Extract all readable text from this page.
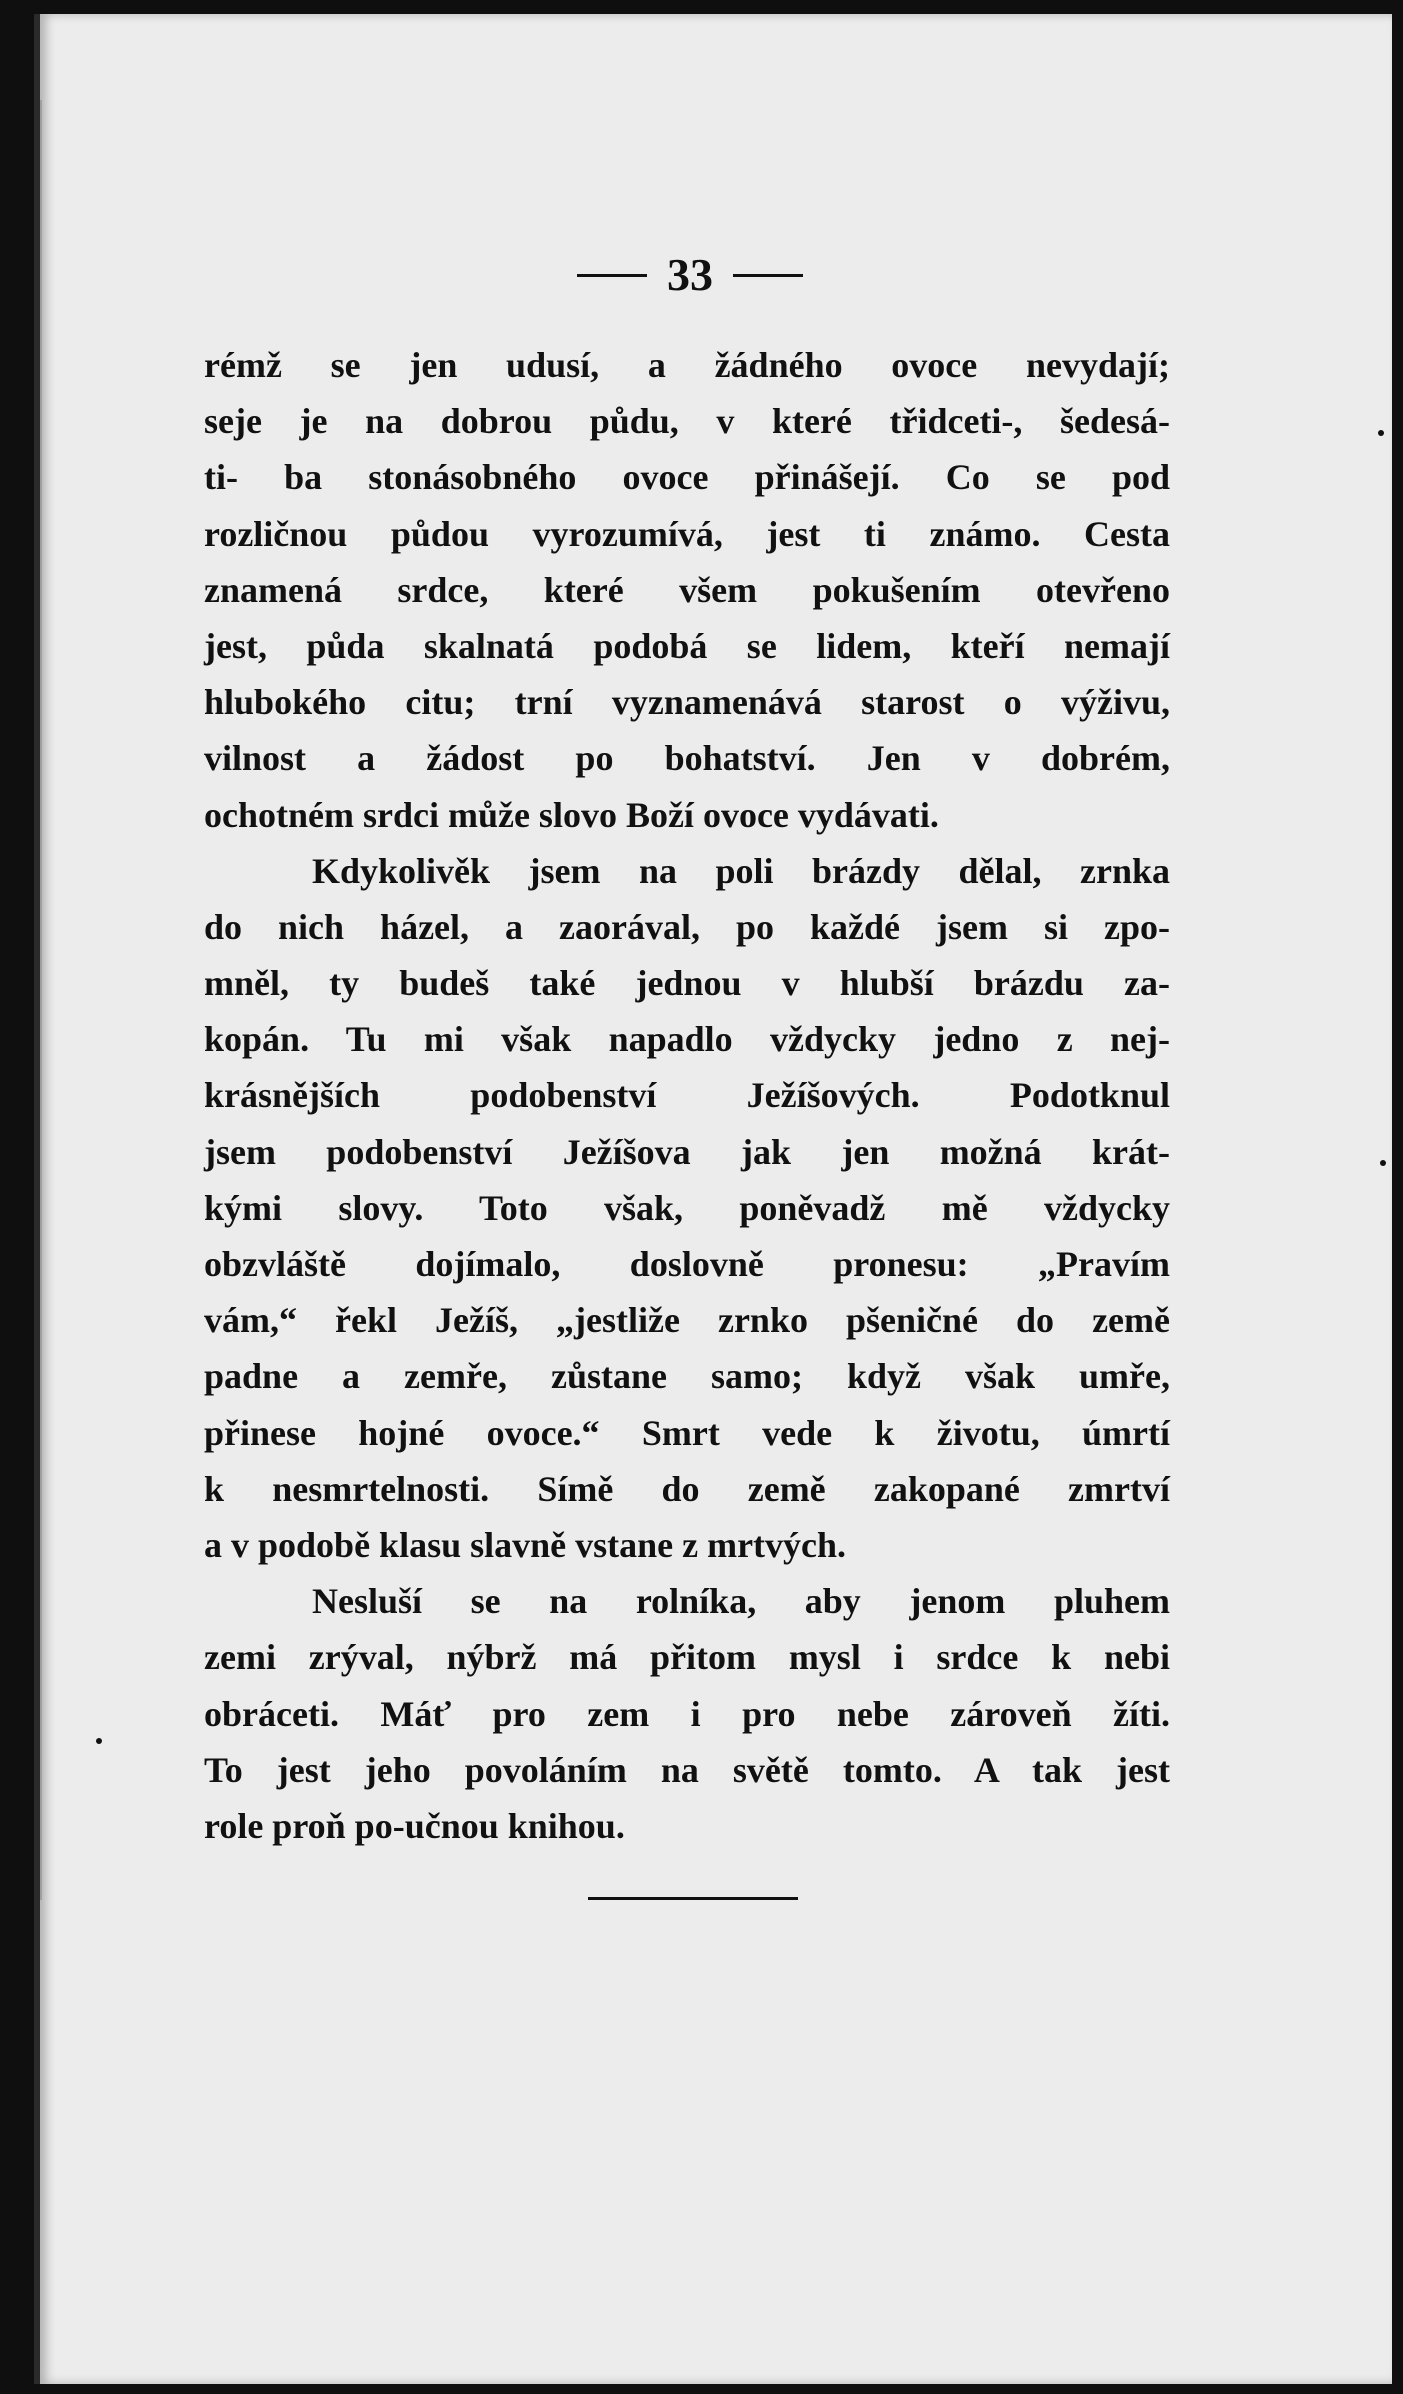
33
rémž se jen udusí, a žádného ovoce nevydají;
seje je na dobrou půdu, v které třidceti-, šedesá-
ti- ba stonásobného ovoce přinášejí. Co se pod
rozličnou půdou vyrozumívá, jest ti známo. Cesta
znamená srdce, které všem pokušením otevřeno
jest, půda skalnatá podobá se lidem, kteří nemají
hlubokého citu; trní vyznamenává starost o výživu,
vilnost a žádost po bohatství. Jen v dobrém,
ochotném srdci může slovo Boží ovoce vydávati.
Kdykolivěk jsem na poli brázdy dělal, zrnka
do nich házel, a zaorával, po každé jsem si zpo-
mněl, ty budeš také jednou v hlubší brázdu za-
kopán. Tu mi však napadlo vždycky jedno z nej-
krásnějších podobenství Ježíšových. Podotknul
jsem podobenství Ježíšova jak jen možná krát-
kými slovy. Toto však, poněvadž mě vždycky
obzvláště dojímalo, doslovně pronesu: „Pravím
vám,“ řekl Ježíš, „jestliže zrnko pšeničné do země
padne a zemře, zůstane samo; když však umře,
přinese hojné ovoce.“ Smrt vede k životu, úmrtí
k nesmrtelnosti. Símě do země zakopané zmrtví
a v podobě klasu slavně vstane z mrtvých.
Nesluší se na rolníka, aby jenom pluhem
zemi zrýval, nýbrž má přitom mysl i srdce k nebi
obráceti. Máť pro zem i pro nebe zároveň žíti.
To jest jeho povoláním na světě tomto. A tak jest
role proň po-učnou knihou.
